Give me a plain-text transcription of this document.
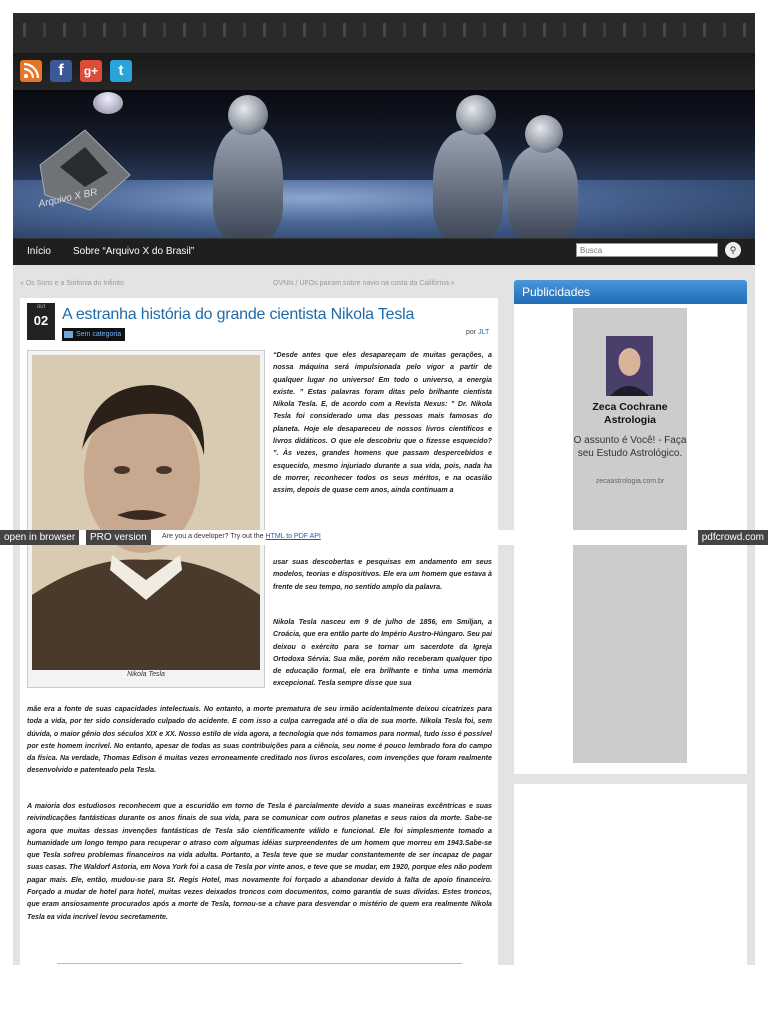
f	g+	t
Arquivo X BR
Início Sobre “Arquivo X do Brasil”	Busca	⚲
« Os Sons e a Sinfonia do Infinito	OVNIs / UFOs pairam sobre navio na costa da Califórnia »
out
02 A estranha história do grande cientista Nikola Tesla
Sem categoria	por JLT
Nikola Tesla
“Desde antes que eles desapareçam de muitas gerações, a nossa máquina será impulsionada pelo vigor a partir de qualquer lugar no universo! Em todo o universo, a energia existe. ” Estas palavras foram ditas pelo brilhante cientista Nikola Tesla. E, de acordo com a Revista Nexus: ” Dr. Nikola Tesla foi considerado uma das pessoas mais famosas do planeta. Hoje ele desapareceu de nossos livros científicos e livros didáticos. O que ele descobriu que o fizesse esquecido? ”. Às vezes, grandes homens que passam despercebidos e esquecido, mesmo injuriado durante a sua vida, pois, nada ha de morrer, reconhecer todos os seus méritos, e na ocasião assim, depois de quase cem anos, ainda continuam a
usar suas descobertas e pesquisas em andamento em seus modelos, teorias e dispositivos. Ele era um homem que estava à frente de seu tempo, no sentido amplo da palavra.
Nikola Tesla nasceu em 9 de julho de 1856, em Smiljan, a Croácia, que era então parte do Império Austro-Húngaro. Seu pai deixou o exército para se tornar um sacerdote da Igreja Ortodoxa Sérvia. Sua mãe, porém não receberam qualquer tipo de educação formal, ele era brilhante e tinha uma memória excepcional. Tesla sempre disse que sua
mãe era a fonte de suas capacidades intelectuais. No entanto, a morte prematura de seu irmão acidentalmente deixou cicatrizes para toda a vida, por ter sido considerado culpado do acidente. E com isso a culpa carregada até o dia de sua morte. Nikola Tesla foi, sem dúvida, o maior gênio dos séculos XIX e XX. Nosso estilo de vida agora, a tecnologia que nós tomamos para normal, tudo isso é possível por este homem incrível. No entanto, apesar de todas as suas contribuições para a ciência, seu nome é pouco lembrado fora do campo da física. Na verdade, Thomas Edison é muitas vezes erroneamente creditado nos livros escolares, com invenções que foram realmente desenvolvido e patenteado pela Tesla.
A maioria dos estudiosos reconhecem que a escuridão em torno de Tesla é parcialmente devido a suas maneiras excêntricas e suas reivindicações fantásticas durante os anos finais de sua vida, para se comunicar com outros planetas e seus raios da morte. Sabe-se agora que muitas dessas invenções fantásticas de Tesla são cientificamente válido e funcional. Ele foi simplesmente tomado a humanidade um longo tempo para recuperar o atraso com algumas idéias surpreendentes de um homem que morreu em 1943.Sabe-se que Tesla sofreu problemas financeiros na vida adulta. Portanto, a Tesla teve que se mudar constantemente de ser incapaz de pagar suas casas. The Waldorf Astoria, em Nova York foi a casa de Tesla por vinte anos, e teve que se mudar, em 1920, porque eles não podem pagar mais. Ele, então, mudou-se para St. Regis Hotel, mas novamente foi forçado a abandonar devido à falta de apoio financeiro. Forçado a mudar de hotel para hotel, muitas vezes deixados troncos com documentos, como garantia de suas dívidas. Estes troncos, que eram ansiosamente procurados após a morte de Tesla, tornou-se a chave para desvendar o mistério de quem era realmente Nikola Tesla ea vida incrível levou secretamente.
Publicidades
Zeca Cochrane Astrologia
O assunto é Você! - Faça seu Estudo Astrológico.
zecaastrologia.com.br
open in browser	PRO version	Are you a developer? Try out the HTML to PDF API	pdfcrowd.com
